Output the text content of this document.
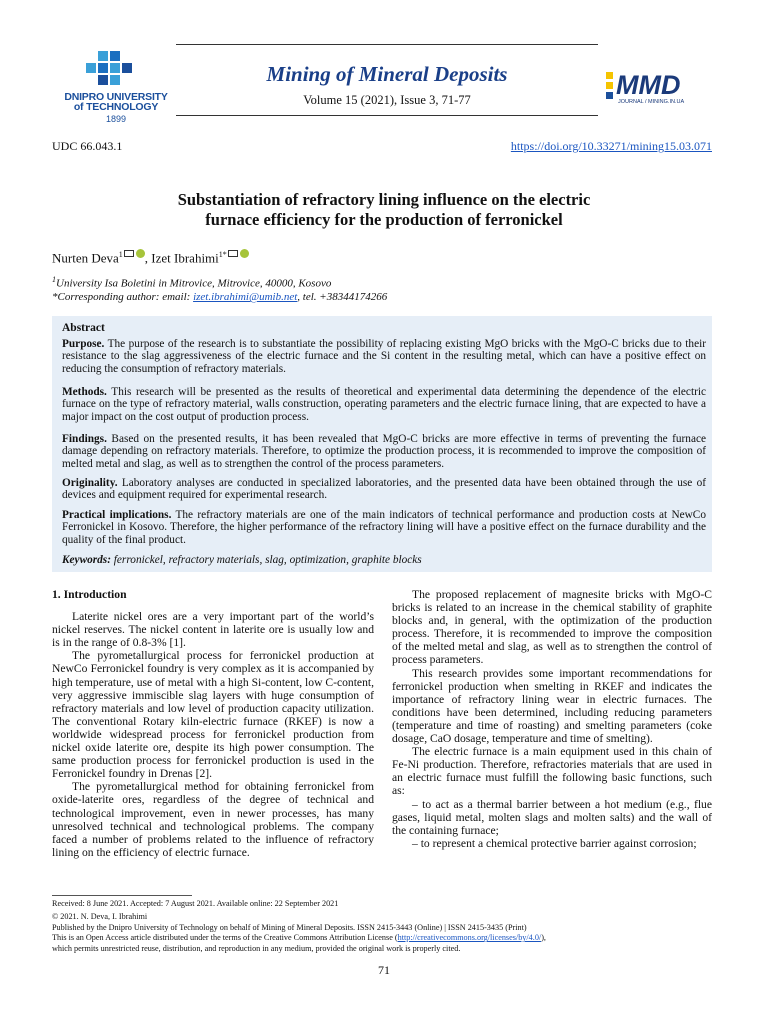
DNIPRO UNIVERSITY
of TECHNOLOGY
1899
Mining of Mineral Deposits
Volume 15 (2021), Issue 3, 71-77	MMD
JOURNAL / MINING.IN.UA
UDC 66.043.1	https://doi.org/10.33271/mining15.03.071
Substantiation of refractory lining influence on the electric
furnace efficiency for the production of ferronickel
Nurten Deva$^1$ , Izet Ibrahimi$^{1*}$
$^1$University Isa Boletini in Mitrovice, Mitrovice, 40000, Kosovo
*Corresponding author: email: izet.ibrahimi@umib.net, tel. +38344174266
Abstract
Purpose. The purpose of the research is to substantiate the possibility of replacing existing MgO bricks with the MgO-C bricks due to their resistance to the slag aggressiveness of the electric furnace and the Si content in the resulting metal, which can have a positive effect on reducing the consumption of refractory materials.
Methods. This research will be presented as the results of theoretical and experimental data determining the dependence of the electric furnace on the type of refractory material, walls construction, operating parameters and the electric furnace lining, that are expected to have a major impact on the cost output of production process.
Findings. Based on the presented results, it has been revealed that MgO-C bricks are more effective in terms of preventing the furnace damage depending on refractory materials. Therefore, to optimize the production process, it is recommended to improve the composition of melted metal and slag, as well as to strengthen the control of the process parameters.
Originality. Laboratory analyses are conducted in specialized laboratories, and the presented data have been obtained through the use of devices and equipment required for experimental research.
Practical implications. The refractory materials are one of the main indicators of technical performance and production costs at NewCo Ferronickel in Kosovo. Therefore, the higher performance of the refractory lining will have a positive effect on the furnace durability and the quality of the final product.
Keywords: ferronickel, refractory materials, slag, optimization, graphite blocks
1. Introduction

Laterite nickel ores are a very important part of the world’s nickel reserves. The nickel content in laterite ore is usually low and is in the range of 0.8-3% [1].

The pyrometallurgical process for ferronickel production at NewCo Ferronickel foundry is very complex as it is accompanied by high temperature, use of metal with a high Si-content, low C-content, very aggressive immiscible slag layers with huge consumption of refractory materials and low level of production capacity utilization. The conventional Rotary kiln-electric furnace (RKEF) is now a worldwide widespread process for ferronickel production from nickel oxide laterite ore, despite its high power consumption. The same production process for ferronickel production is used in the Ferronickel foundry in Drenas [2].

The pyrometallurgical method for obtaining ferronickel from oxide-laterite ores, regardless of the degree of technical and technological improvement, even in newer processes, has many unresolved technical and technological problems. The company faced a number of problems related to the influence of refractory lining on the efficiency of electric furnace.

The proposed replacement of magnesite bricks with MgO-C bricks is related to an increase in the chemical stability of graphite blocks and, in general, with the optimization of the production process. Therefore, it is recommended to improve the composition of the melted metal and slag, as well as to strengthen the control of process parameters.

This research provides some important recommendations for ferronickel production when smelting in RKEF and indicates the importance of refractory lining wear in electric furnaces. The conditions have been determined, including reducing parameters (temperature and time of roasting) and smelting parameters (coke dosage, CaO dosage, temperature and time of smelting).

The electric furnace is a main equipment used in this chain of Fe-Ni production. Therefore, refractories materials that are used in an electric furnace must fulfill the following basic functions, such as:

– to act as a thermal barrier between a hot medium (e.g., flue gases, liquid metal, molten slags and molten salts) and the wall of the containing furnace;

– to represent a chemical protective barrier against corrosion;

Received: 8 June 2021. Accepted: 7 August 2021. Available online: 22 September 2021
© 2021. N. Deva, I. Ibrahimi
Published by the Dnipro University of Technology on behalf of Mining of Mineral Deposits. ISSN 2415-3443 (Online) | ISSN 2415-3435 (Print)
This is an Open Access article distributed under the terms of the Creative Commons Attribution License (http://creativecommons.org/licenses/by/4.0/),
which permits unrestricted reuse, distribution, and reproduction in any medium, provided the original work is properly cited.
71
